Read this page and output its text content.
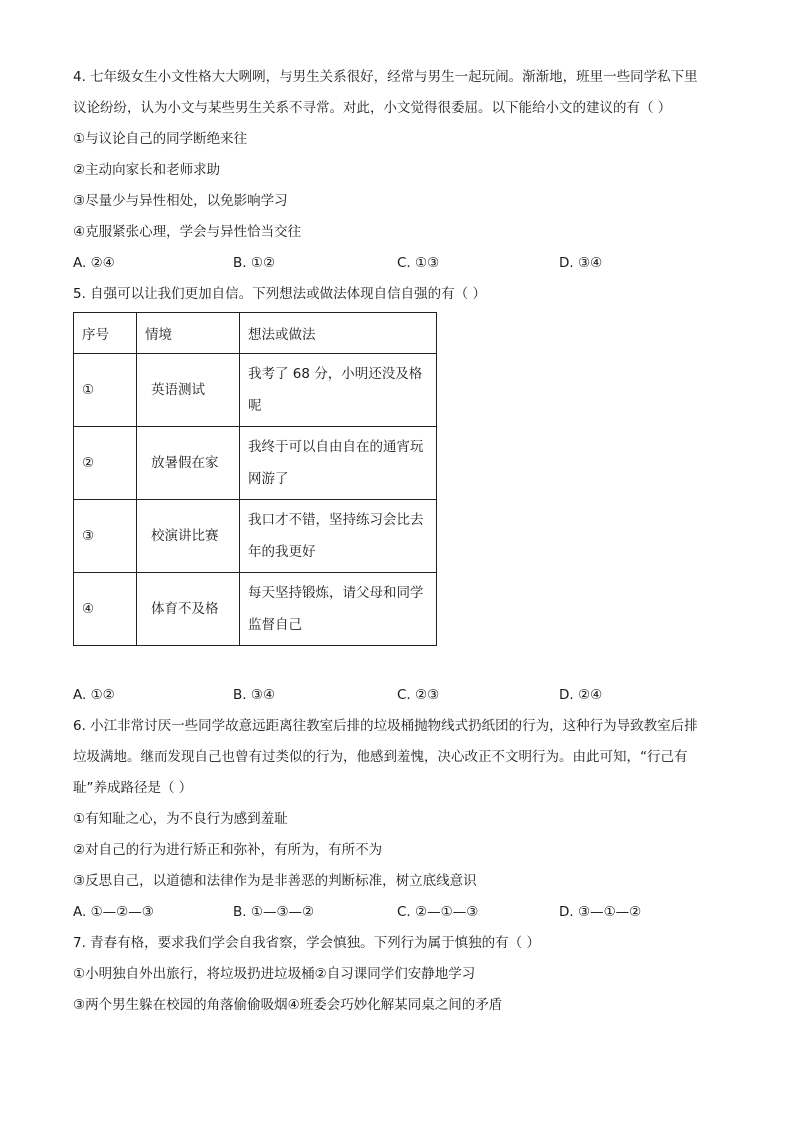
4. 七年级女生小文性格大大咧咧，与男生关系很好，经常与男生一起玩闹。渐渐地，班里一些同学私下里
议论纷纷，认为小文与某些男生关系不寻常。对此，小文觉得很委屈。以下能给小文的建议的有（ ）
①与议论自己的同学断绝来往
②主动向家长和老师求助
③尽量少与异性相处，以免影响学习
④克服紧张心理，学会与异性恰当交往
A. ②④	B. ①②	C. ①③	D. ③④
5. 自强可以让我们更加自信。下列想法或做法体现自信自强的有（ ）
序号	情境	想法或做法
①	英语测试	我考了 68 分，小明还没及格
呢

②	放暑假在家	我终于可以自由自在的通宵玩
网游了

③	校演讲比赛	我口才不错，坚持练习会比去
年的我更好

④	体育不及格	每天坚持锻炼，请父母和同学
监督自己
A. ①②	B. ③④	C. ②③	D. ②④
6. 小江非常讨厌一些同学故意远距离往教室后排的垃圾桶抛物线式扔纸团的行为，这种行为导致教室后排
垃圾满地。继而发现自己也曾有过类似的行为，他感到羞愧，决心改正不文明行为。由此可知，“行己有
耻”养成路径是（ ）
①有知耻之心，为不良行为感到羞耻
②对自己的行为进行矫正和弥补，有所为，有所不为
③反思自己，以道德和法律作为是非善恶的判断标准，树立底线意识
A. ①—②—③	B. ①—③—②	C. ②—①—③	D. ③—①—②
7. 青春有格，要求我们学会自我省察，学会慎独。下列行为属于慎独的有（ ）
①小明独自外出旅行，将垃圾扔进垃圾桶②自习课同学们安静地学习
③两个男生躲在校园的角落偷偷吸烟④班委会巧妙化解某同桌之间的矛盾
